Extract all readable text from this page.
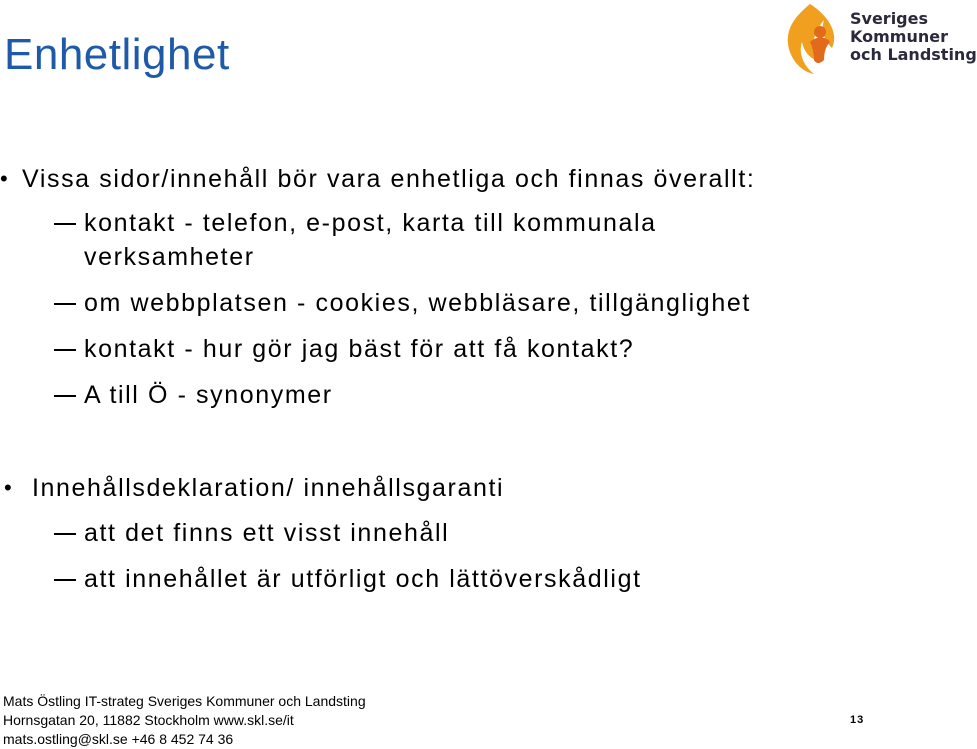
Enhetlighet
Sveriges
Kommuner
och Landsting
• Vissa sidor/innehåll bör vara enhetliga och finnas överallt:
kontakt - telefon, e-post, karta till kommunala
verksamheter
om webbplatsen - cookies, webbläsare, tillgänglighet
kontakt - hur gör jag bäst för att få kontakt?
A till Ö - synonymer
• Innehållsdeklaration/ innehållsgaranti
att det finns ett visst innehåll
att innehållet är utförligt och lättöverskådligt
Mats Östling IT-strateg Sveriges Kommuner och Landsting
Hornsgatan 20, 11882 Stockholm www.skl.se/it
mats.ostling@skl.se +46 8 452 74 36
13
